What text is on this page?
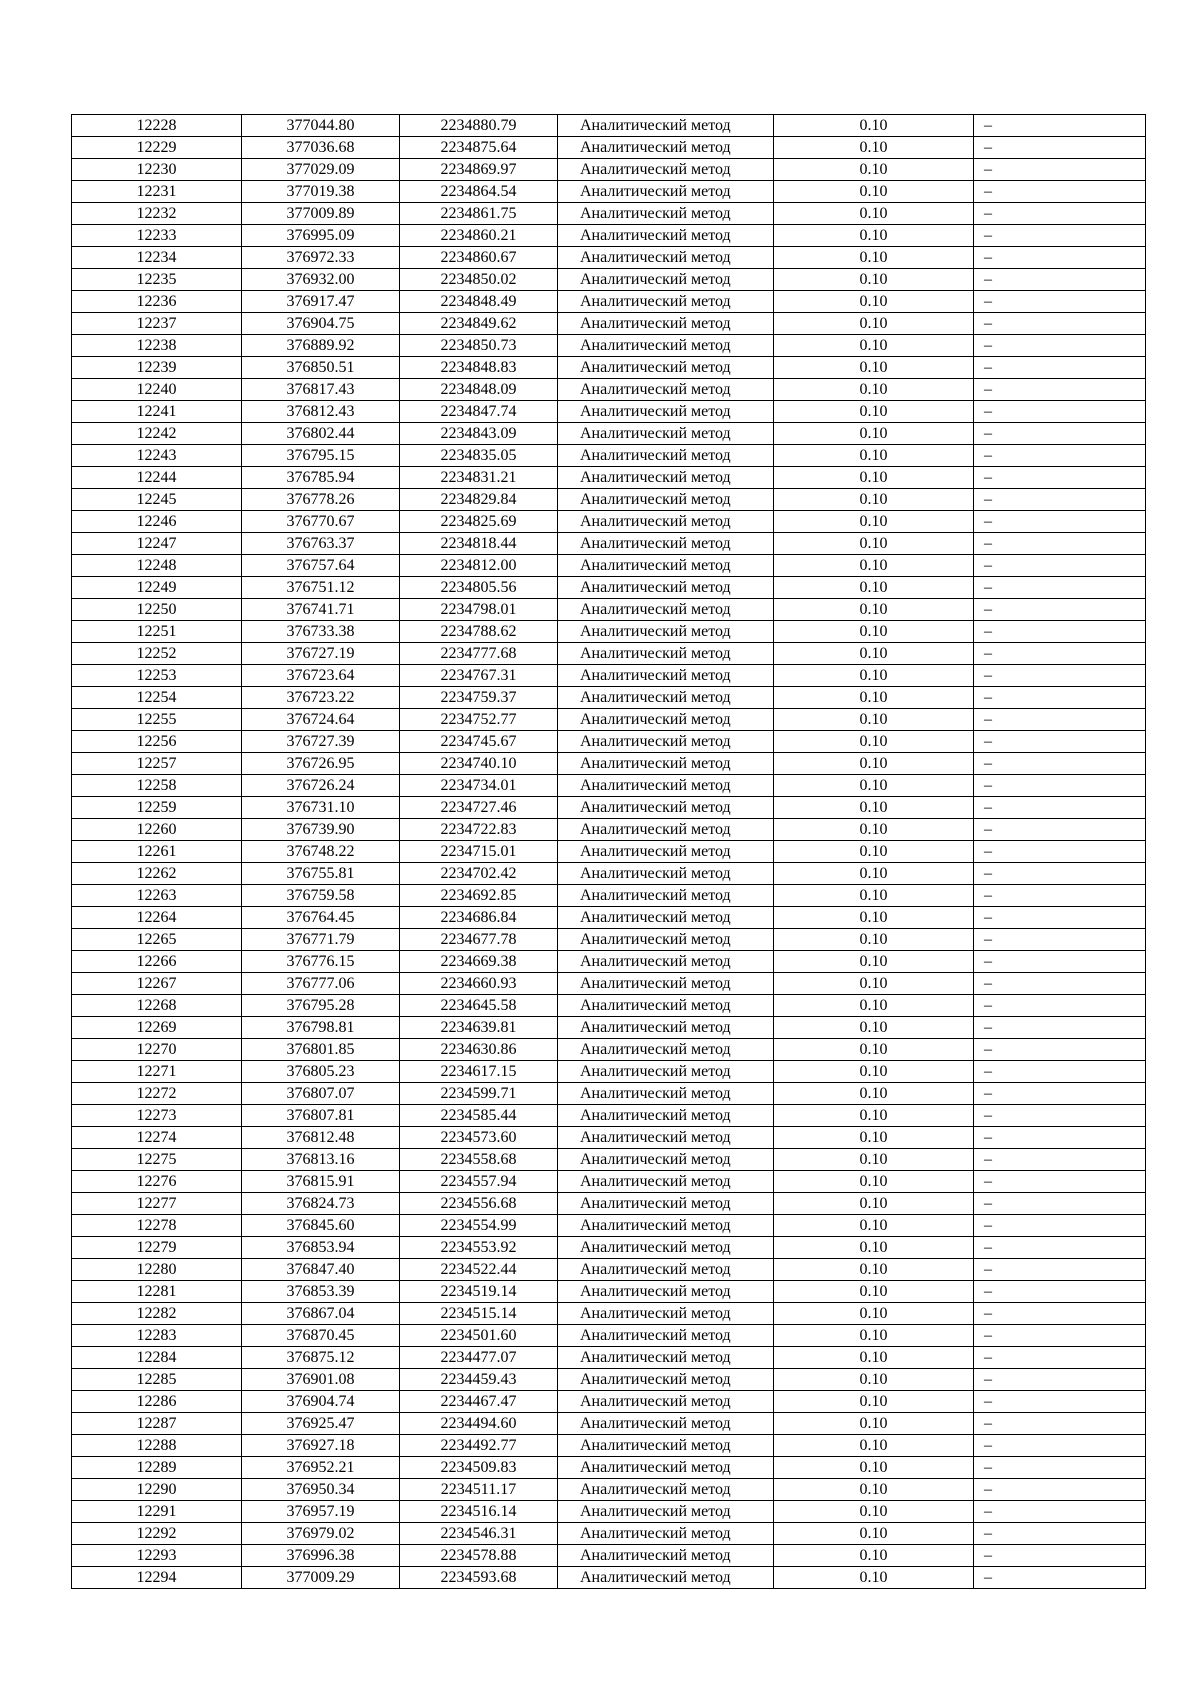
12228	377044.80	2234880.79	Аналитический метод	0.10	–
12229	377036.68	2234875.64	Аналитический метод	0.10	–
12230	377029.09	2234869.97	Аналитический метод	0.10	–
12231	377019.38	2234864.54	Аналитический метод	0.10	–
12232	377009.89	2234861.75	Аналитический метод	0.10	–
12233	376995.09	2234860.21	Аналитический метод	0.10	–
12234	376972.33	2234860.67	Аналитический метод	0.10	–
12235	376932.00	2234850.02	Аналитический метод	0.10	–
12236	376917.47	2234848.49	Аналитический метод	0.10	–
12237	376904.75	2234849.62	Аналитический метод	0.10	–
12238	376889.92	2234850.73	Аналитический метод	0.10	–
12239	376850.51	2234848.83	Аналитический метод	0.10	–
12240	376817.43	2234848.09	Аналитический метод	0.10	–
12241	376812.43	2234847.74	Аналитический метод	0.10	–
12242	376802.44	2234843.09	Аналитический метод	0.10	–
12243	376795.15	2234835.05	Аналитический метод	0.10	–
12244	376785.94	2234831.21	Аналитический метод	0.10	–
12245	376778.26	2234829.84	Аналитический метод	0.10	–
12246	376770.67	2234825.69	Аналитический метод	0.10	–
12247	376763.37	2234818.44	Аналитический метод	0.10	–
12248	376757.64	2234812.00	Аналитический метод	0.10	–
12249	376751.12	2234805.56	Аналитический метод	0.10	–
12250	376741.71	2234798.01	Аналитический метод	0.10	–
12251	376733.38	2234788.62	Аналитический метод	0.10	–
12252	376727.19	2234777.68	Аналитический метод	0.10	–
12253	376723.64	2234767.31	Аналитический метод	0.10	–
12254	376723.22	2234759.37	Аналитический метод	0.10	–
12255	376724.64	2234752.77	Аналитический метод	0.10	–
12256	376727.39	2234745.67	Аналитический метод	0.10	–
12257	376726.95	2234740.10	Аналитический метод	0.10	–
12258	376726.24	2234734.01	Аналитический метод	0.10	–
12259	376731.10	2234727.46	Аналитический метод	0.10	–
12260	376739.90	2234722.83	Аналитический метод	0.10	–
12261	376748.22	2234715.01	Аналитический метод	0.10	–
12262	376755.81	2234702.42	Аналитический метод	0.10	–
12263	376759.58	2234692.85	Аналитический метод	0.10	–
12264	376764.45	2234686.84	Аналитический метод	0.10	–
12265	376771.79	2234677.78	Аналитический метод	0.10	–
12266	376776.15	2234669.38	Аналитический метод	0.10	–
12267	376777.06	2234660.93	Аналитический метод	0.10	–
12268	376795.28	2234645.58	Аналитический метод	0.10	–
12269	376798.81	2234639.81	Аналитический метод	0.10	–
12270	376801.85	2234630.86	Аналитический метод	0.10	–
12271	376805.23	2234617.15	Аналитический метод	0.10	–
12272	376807.07	2234599.71	Аналитический метод	0.10	–
12273	376807.81	2234585.44	Аналитический метод	0.10	–
12274	376812.48	2234573.60	Аналитический метод	0.10	–
12275	376813.16	2234558.68	Аналитический метод	0.10	–
12276	376815.91	2234557.94	Аналитический метод	0.10	–
12277	376824.73	2234556.68	Аналитический метод	0.10	–
12278	376845.60	2234554.99	Аналитический метод	0.10	–
12279	376853.94	2234553.92	Аналитический метод	0.10	–
12280	376847.40	2234522.44	Аналитический метод	0.10	–
12281	376853.39	2234519.14	Аналитический метод	0.10	–
12282	376867.04	2234515.14	Аналитический метод	0.10	–
12283	376870.45	2234501.60	Аналитический метод	0.10	–
12284	376875.12	2234477.07	Аналитический метод	0.10	–
12285	376901.08	2234459.43	Аналитический метод	0.10	–
12286	376904.74	2234467.47	Аналитический метод	0.10	–
12287	376925.47	2234494.60	Аналитический метод	0.10	–
12288	376927.18	2234492.77	Аналитический метод	0.10	–
12289	376952.21	2234509.83	Аналитический метод	0.10	–
12290	376950.34	2234511.17	Аналитический метод	0.10	–
12291	376957.19	2234516.14	Аналитический метод	0.10	–
12292	376979.02	2234546.31	Аналитический метод	0.10	–
12293	376996.38	2234578.88	Аналитический метод	0.10	–
12294	377009.29	2234593.68	Аналитический метод	0.10	–
